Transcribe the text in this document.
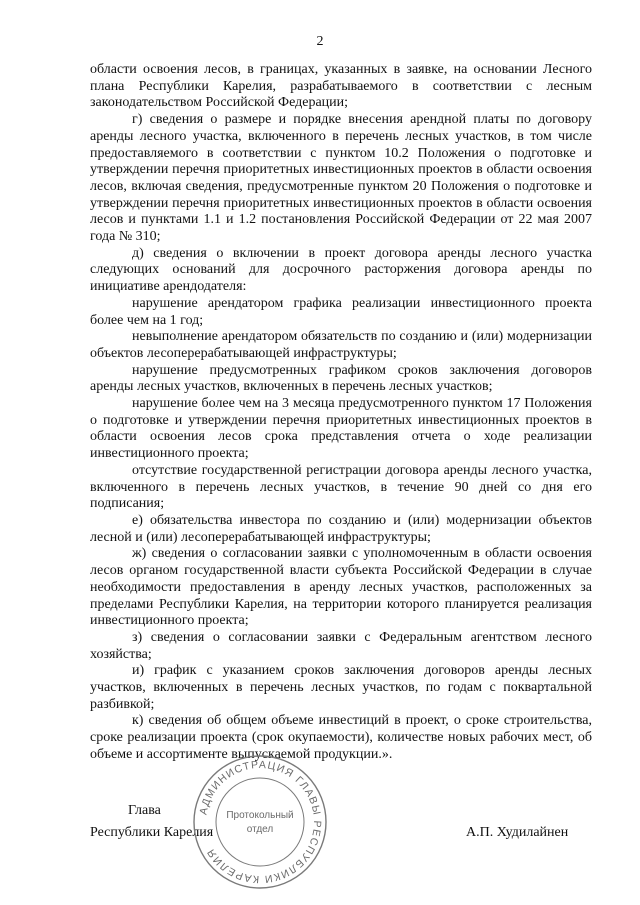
2

области освоения лесов, в границах, указанных в заявке, на основании Лесного плана Республики Карелия, разрабатываемого в соответствии с лесным законодательством Российской Федерации;

г) сведения о размере и порядке внесения арендной платы по договору аренды лесного участка, включенного в перечень лесных участков, в том числе предоставляемого в соответствии с пунктом 10.2 Положения о подготовке и утверждении перечня приоритетных инвестиционных проектов в области освоения лесов, включая сведения, предусмотренные пунктом 20 Положения о подготовке и утверждении перечня приоритетных инвестиционных проектов в области освоения лесов и пунктами 1.1 и 1.2 постановления Российской Федерации от 22 мая 2007 года № 310;

д) сведения о включении в проект договора аренды лесного участка следующих оснований для досрочного расторжения договора аренды по инициативе арендодателя:

нарушение арендатором графика реализации инвестиционного проекта более чем на 1 год;

невыполнение арендатором обязательств по созданию и (или) модернизации объектов лесоперерабатывающей инфраструктуры;

нарушение предусмотренных графиком сроков заключения договоров аренды лесных участков, включенных в перечень лесных участков;

нарушение более чем на 3 месяца предусмотренного пунктом 17 Положения о подготовке и утверждении перечня приоритетных инвестиционных проектов в области освоения лесов срока представления отчета о ходе реализации инвестиционного проекта;

отсутствие государственной регистрации договора аренды лесного участка, включенного в перечень лесных участков, в течение 90 дней со дня его подписания;

е) обязательства инвестора по созданию и (или) модернизации объектов лесной и (или) лесоперерабатывающей инфраструктуры;

ж) сведения о согласовании заявки с уполномоченным в области освоения лесов органом государственной власти субъекта Российской Федерации в случае необходимости предоставления в аренду лесных участков, расположенных за пределами Республики Карелия, на территории которого планируется реализация инвестиционного проекта;

з) сведения о согласовании заявки с Федеральным агентством лесного хозяйства;

и) график с указанием сроков заключения договоров аренды лесных участков, включенных в перечень лесных участков, по годам с поквартальной разбивкой;

к) сведения об общем объеме инвестиций в проект, о сроке строительства, сроке реализации проекта (срок окупаемости), количестве новых рабочих мест, об объеме и ассортименте выпускаемой продукции.».

Глава
Республики Карелия	А.П. Худилайнен
АДМИНИСТРАЦИЯ ГЛАВЫ РЕСПУБЛИКИ КАРЕЛИЯ
Протокольный
отдел
